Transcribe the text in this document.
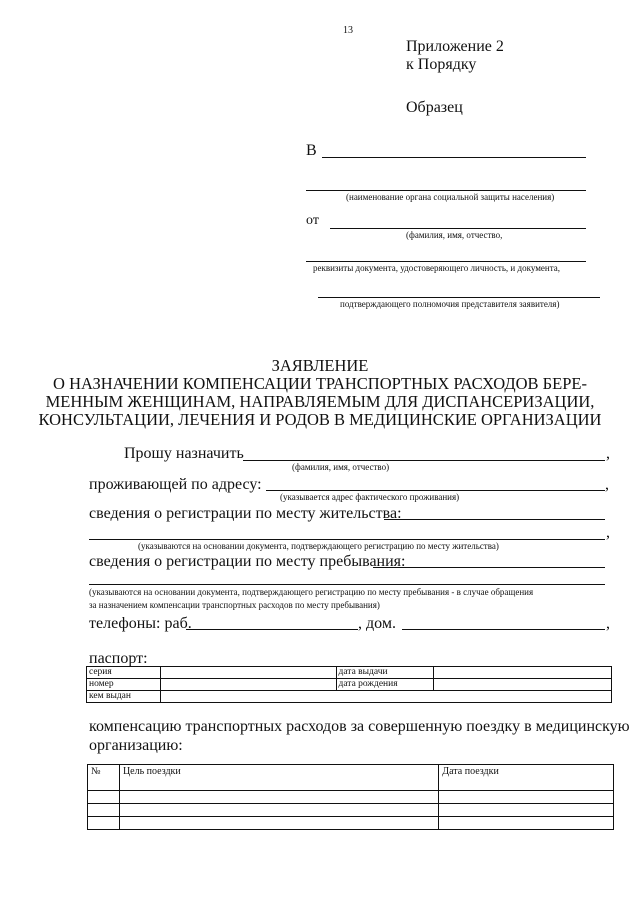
13
Приложение 2
к Порядку
Образец
В
(наименование органа социальной защиты населения)
от
(фамилия, имя, отчество,
реквизиты документа, удостоверяющего личность, и документа,
подтверждающего полномочия представителя заявителя)
ЗАЯВЛЕНИЕ
О НАЗНАЧЕНИИ КОМПЕНСАЦИИ ТРАНСПОРТНЫХ РАСХОДОВ БЕРЕ-
МЕННЫМ ЖЕНЩИНАМ, НАПРАВЛЯЕМЫМ ДЛЯ ДИСПАНСЕРИЗАЦИИ,
КОНСУЛЬТАЦИИ, ЛЕЧЕНИЯ И РОДОВ В МЕДИЦИНСКИЕ ОРГАНИЗАЦИИ
Прошу назначить	,
(фамилия, имя, отчество)
проживающей по адресу:	,
(указывается адрес фактического проживания)
сведения о регистрации по месту жительства:
,
(указываются на основании документа, подтверждающего регистрацию по месту жительства)
сведения о регистрации по месту пребывания:
(указываются на основании документа, подтверждающего регистрацию по месту пребывания - в случае обращения
за назначением компенсации транспортных расходов по месту пребывания)
телефоны: раб.	, дом.	,
паспорт:
серия		дата выдачи	
номер		дата рождения	
кем выдан			
компенсацию транспортных расходов за совершенную поездку в медицинскую
организацию:
№	Цель поездки	Дата поездки
